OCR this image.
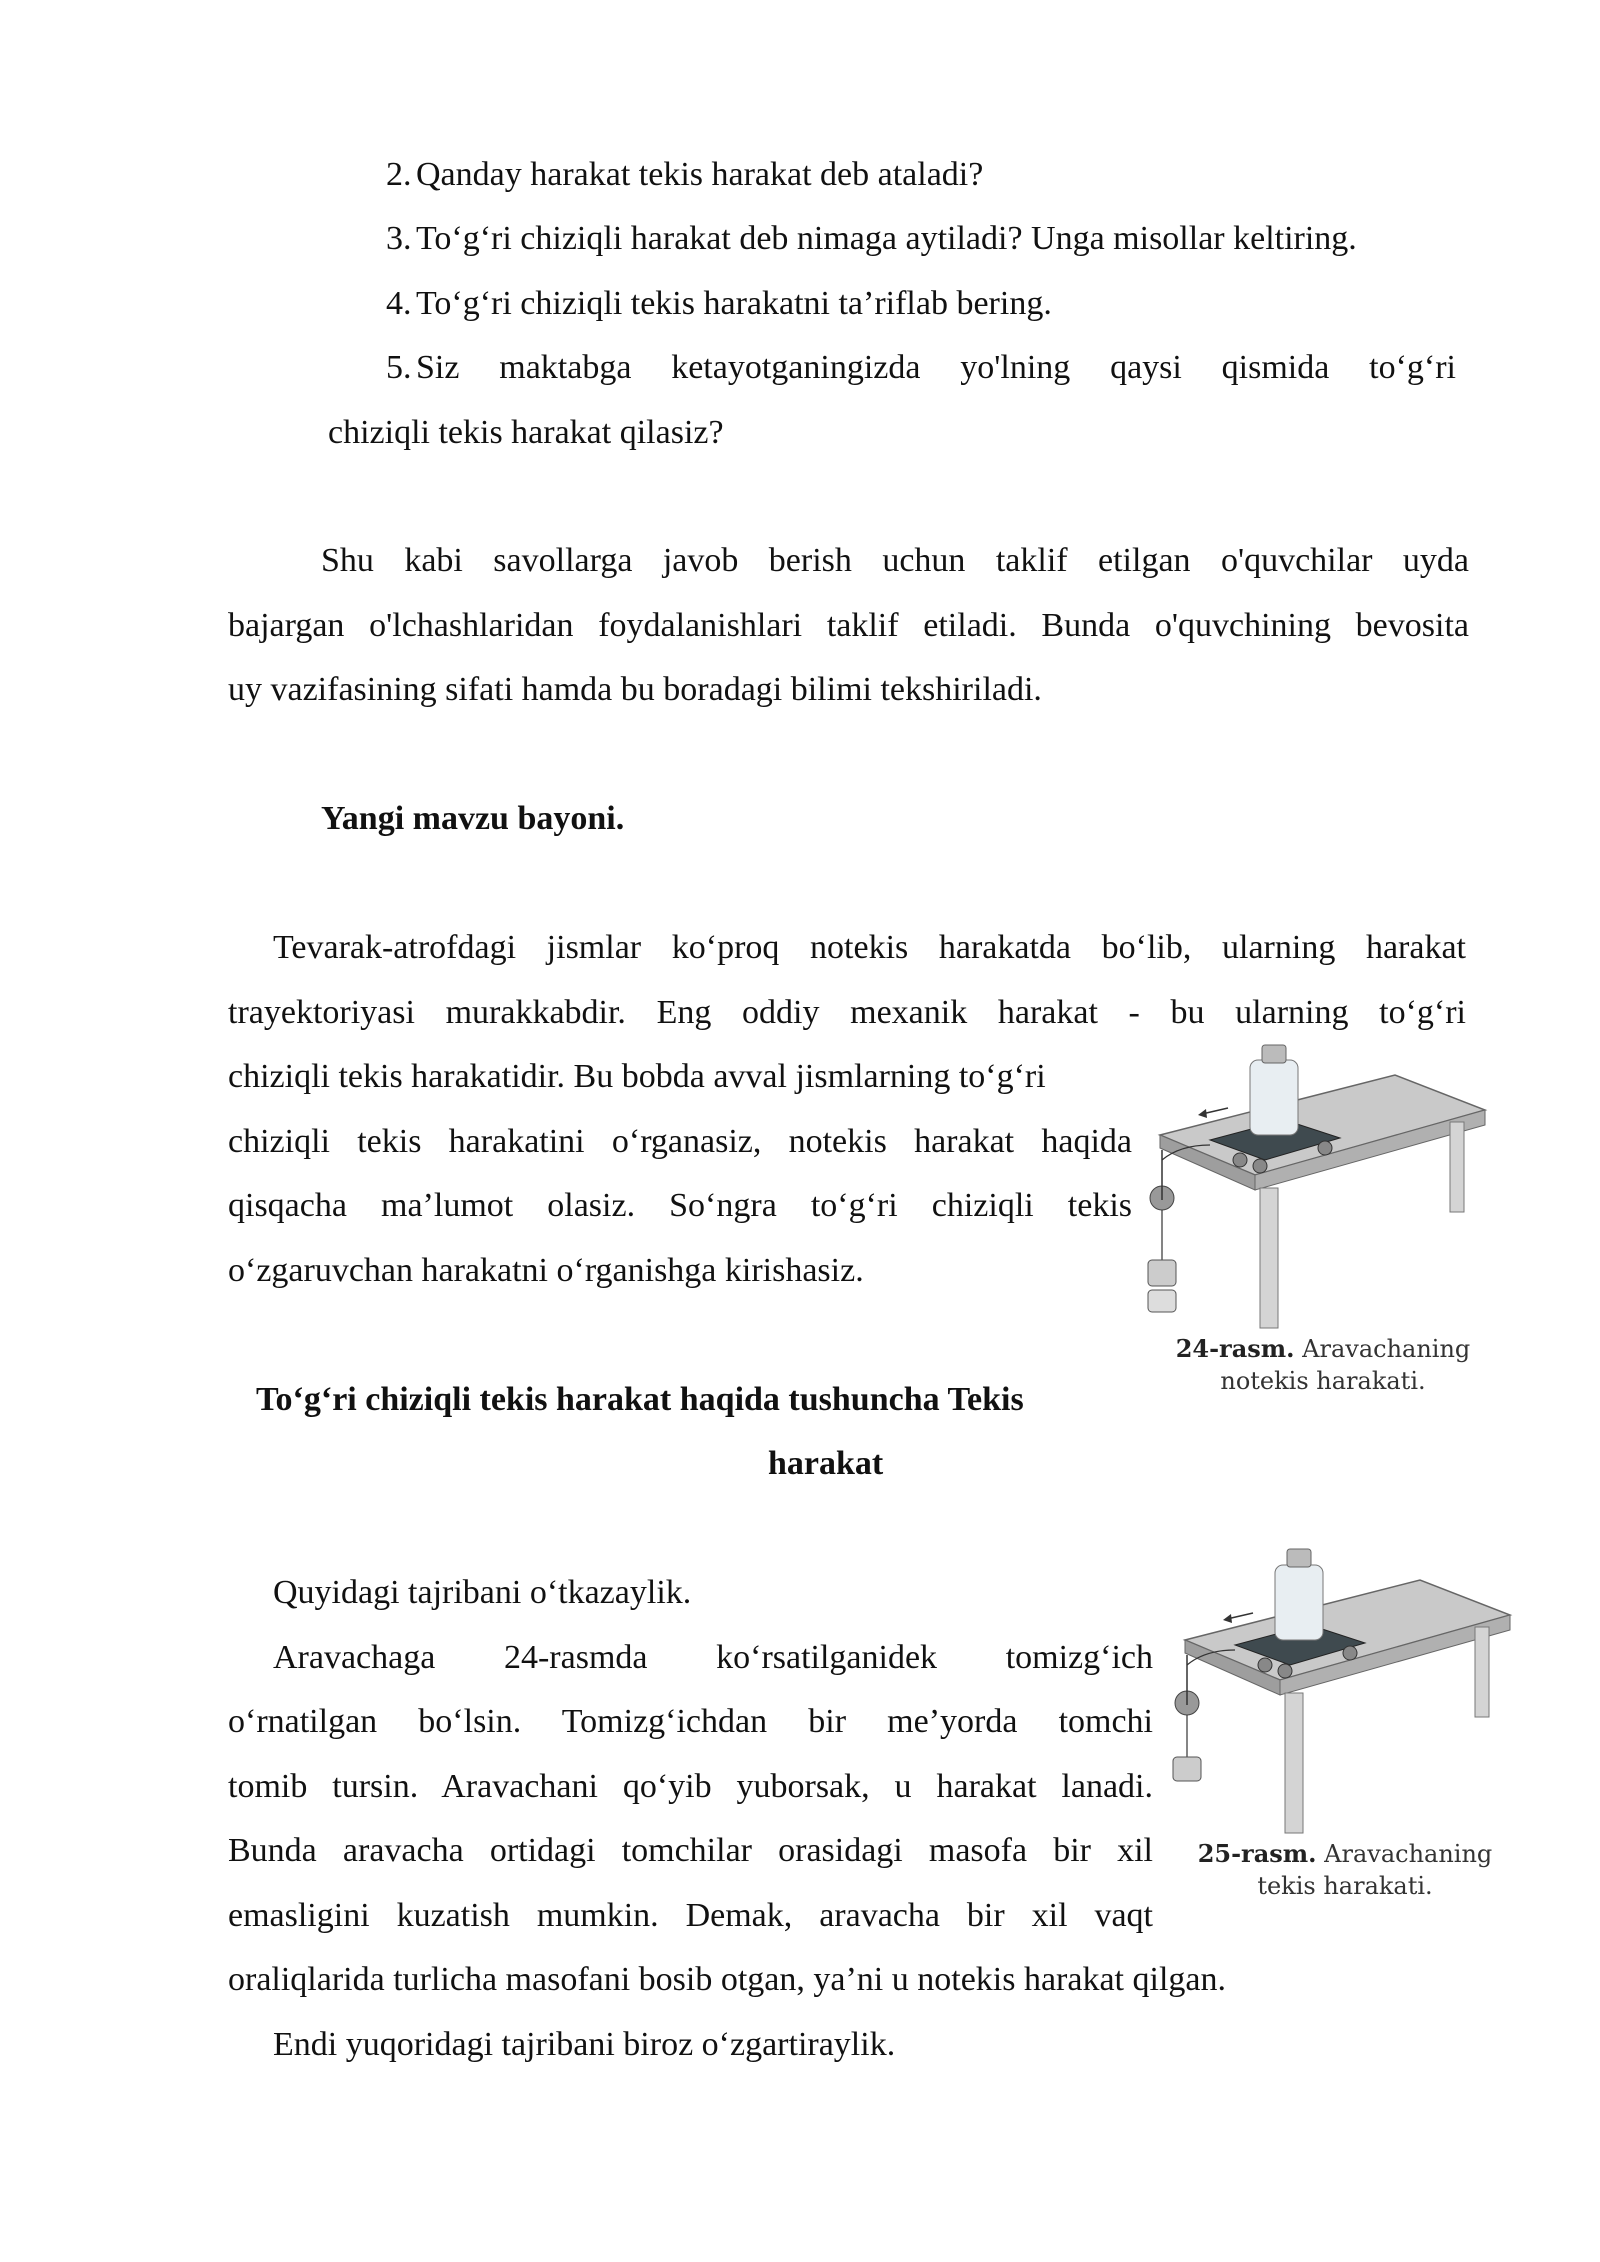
2. Qanday harakat tekis harakat deb ataladi?
3. To‘g‘ri chiziqli harakat deb nimaga aytiladi? Unga misollar keltiring.
4. To‘g‘ri chiziqli tekis harakatni ta’riflab bering.
5. Siz maktabga ketayotganingizda yo'lning qaysi qismida to‘g‘ri
chiziqli tekis harakat qilasiz?
Shu kabi savollarga javob berish uchun taklif etilgan o'quvchilar uyda
bajargan o'lchashlaridan foydalanishlari taklif etiladi. Bunda o'quvchining bevosita
uy vazifasining sifati hamda bu boradagi bilimi tekshiriladi.
Yangi mavzu bayoni.
Tevarak-atrofdagi jismlar ko‘proq notekis harakatda bo‘lib, ularning harakat
trayektoriyasi murakkabdir. Eng oddiy mexanik harakat - bu ularning to‘g‘ri
chiziqli tekis harakatidir. Bu bobda avval jismlarning to‘g‘ri
chiziqli tekis harakatini o‘rganasiz, notekis harakat haqida
qisqacha ma’lumot olasiz. So‘ngra to‘g‘ri chiziqli tekis
o‘zgaruvchan harakatni o‘rganishga kirishasiz.
24-rasm. Aravachaning
notekis harakati.
To‘g‘ri chiziqli tekis harakat haqida tushuncha Tekis
harakat
Quyidagi tajribani o‘tkazaylik.
Aravachaga 24-rasmda ko‘rsatilganidek tomizg‘ich
o‘rnatilgan bo‘lsin. Tomizg‘ichdan bir me’yorda tomchi
tomib tursin. Aravachani qo‘yib yuborsak, u harakat lanadi.
Bunda aravacha ortidagi tomchilar orasidagi masofa bir xil
emasligini kuzatish mumkin. Demak, aravacha bir xil vaqt
oraliqlarida turlicha masofani bosib otgan, ya’ni u notekis harakat qilgan.
Endi yuqoridagi tajribani biroz o‘zgartiraylik.
25-rasm. Aravachaning
tekis harakati.
